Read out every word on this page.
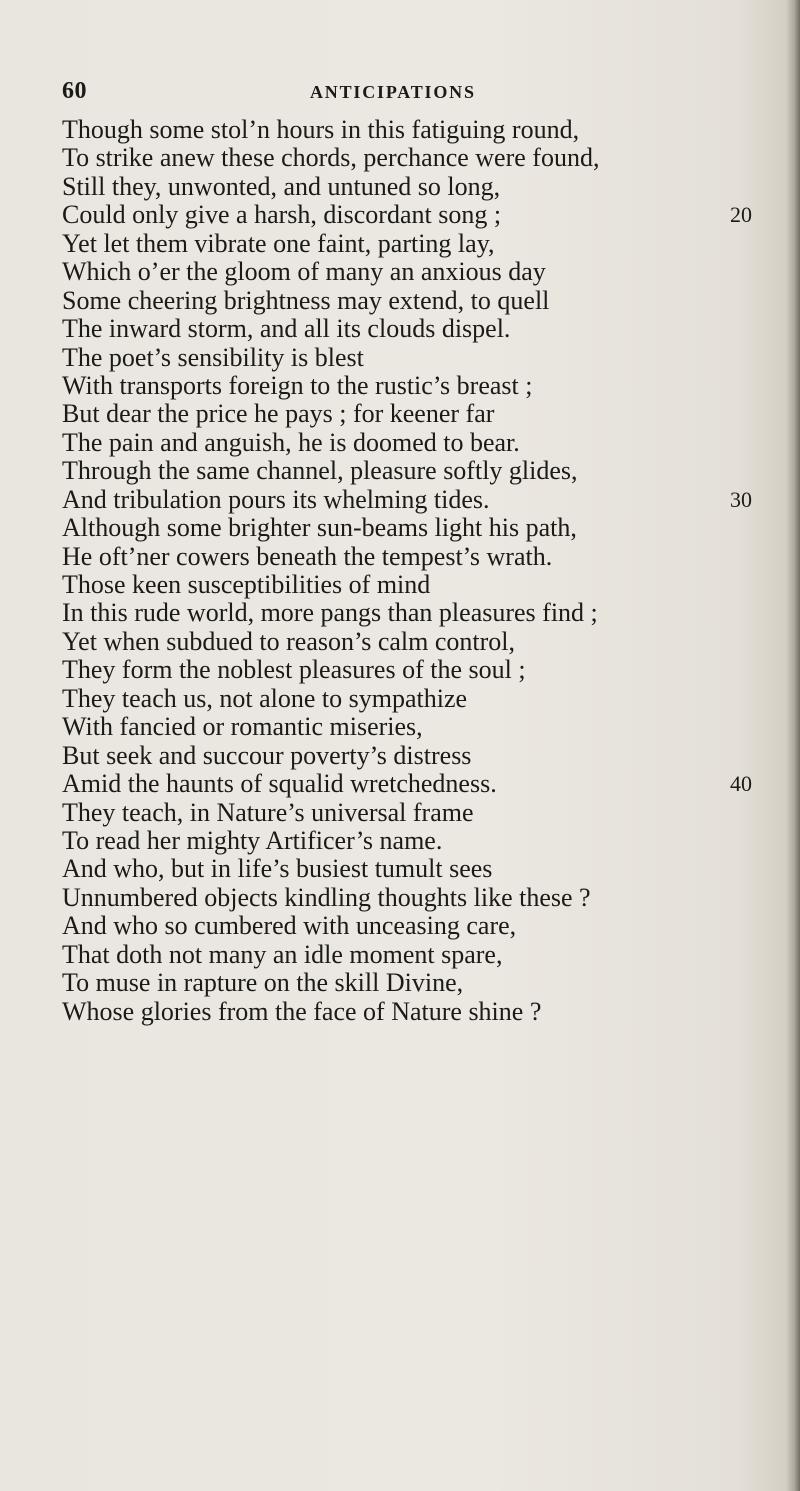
60	ANTICIPATIONS
Though some stol’n hours in this fatiguing round,
To strike anew these chords, perchance were found,
Still they, unwonted, and untuned so long,
Could only give a harsh, discordant song ;	20
Yet let them vibrate one faint, parting lay,
Which o’er the gloom of many an anxious day
Some cheering brightness may extend, to quell
The inward storm, and all its clouds dispel.
The poet’s sensibility is blest
With transports foreign to the rustic’s breast ;
But dear the price he pays ; for keener far
The pain and anguish, he is doomed to bear.
Through the same channel, pleasure softly glides,
And tribulation pours its whelming tides.	30
Although some brighter sun-beams light his path,
He oft’ner cowers beneath the tempest’s wrath.
Those keen susceptibilities of mind
In this rude world, more pangs than pleasures find ;
Yet when subdued to reason’s calm control,
They form the noblest pleasures of the soul ;
They teach us, not alone to sympathize
With fancied or romantic miseries,
But seek and succour poverty’s distress
Amid the haunts of squalid wretchedness.	40
They teach, in Nature’s universal frame
To read her mighty Artificer’s name.
And who, but in life’s busiest tumult sees
Unnumbered objects kindling thoughts like these ?
And who so cumbered with unceasing care,
That doth not many an idle moment spare,
To muse in rapture on the skill Divine,
Whose glories from the face of Nature shine ?
